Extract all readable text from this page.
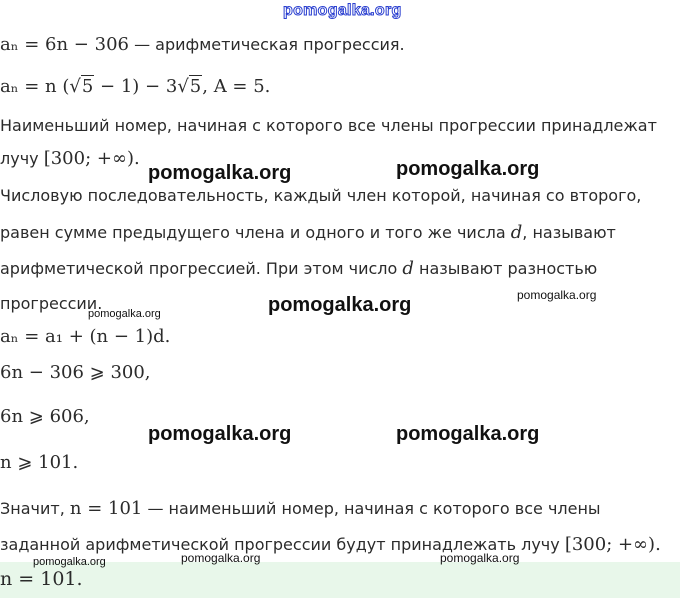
pomogalka.org
aₙ = 6n − 306 — арифметическая прогрессия.
aₙ = n (√5 − 1) − 3√5, A = 5.
Наименьший номер, начиная с которого все члены прогрессии принадлежат
лучу [300; +∞).
Числовую последовательность, каждый член которой, начиная со второго,
равен сумме предыдущего члена и одного и того же числа d, называют
арифметической прогрессией. При этом число d называют разностью
прогрессии.
aₙ = a₁ + (n − 1)d.
6n − 306 ⩾ 300,
6n ⩾ 606,
n ⩾ 101.
Значит, n = 101 — наименьший номер, начиная с которого все члены
заданной арифметической прогрессии будут принадлежать лучу [300; +∞).
n = 101.
pomogalka.org	pomogalka.org
pomogalka.org
pomogalka.org
pomogalka.org
pomogalka.org	pomogalka.org
pomogalka.org	pomogalka.org	pomogalka.org
